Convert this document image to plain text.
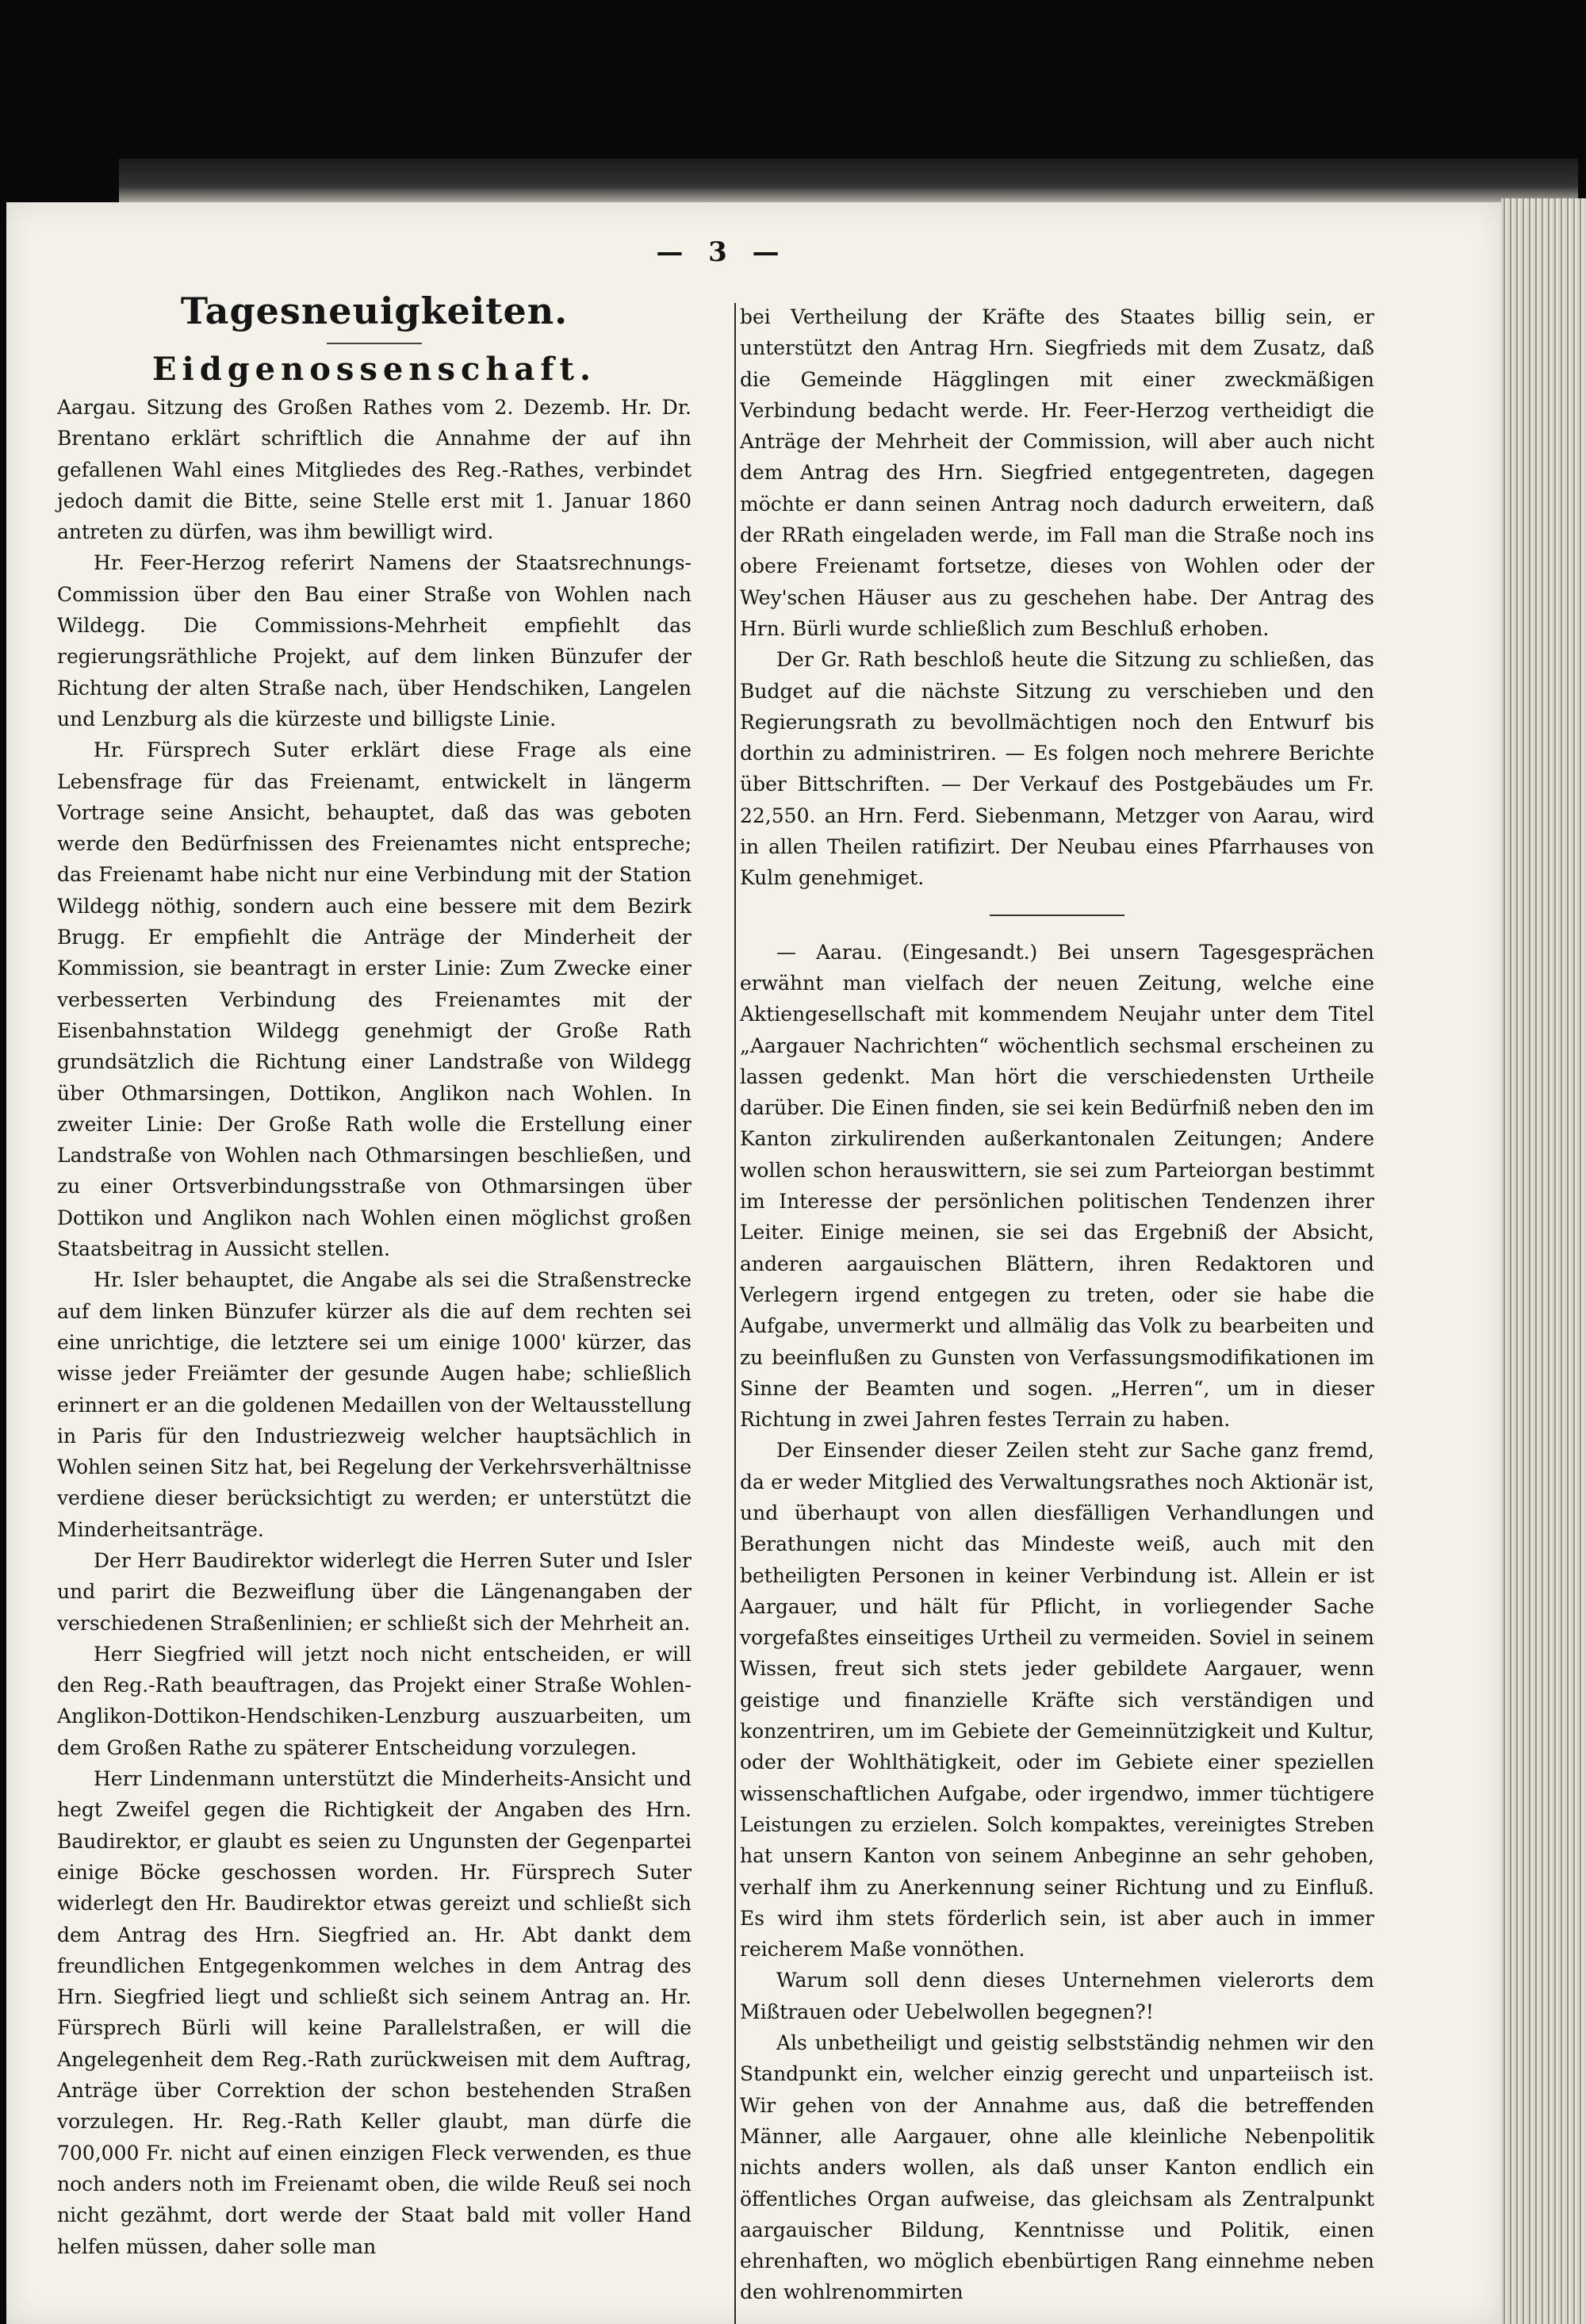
— 3 —
Tagesneuigkeiten.
Eidgenossenschaft.

Aargau. Sitzung des Großen Rathes vom 2. Dezemb. Hr. Dr. Brentano erklärt schriftlich die Annahme der auf ihn gefallenen Wahl eines Mitgliedes des Reg.-Rathes, verbindet jedoch damit die Bitte, seine Stelle erst mit 1. Januar 1860 antreten zu dürfen, was ihm bewilligt wird.

Hr. Feer-Herzog referirt Namens der Staatsrechnungs-Commission über den Bau einer Straße von Wohlen nach Wildegg. Die Commissions-Mehrheit empfiehlt das regierungsräthliche Projekt, auf dem linken Bünzufer der Richtung der alten Straße nach, über Hendschiken, Langelen und Lenzburg als die kürzeste und billigste Linie.

Hr. Fürsprech Suter erklärt diese Frage als eine Lebensfrage für das Freienamt, entwickelt in längerm Vortrage seine Ansicht, behauptet, daß das was geboten werde den Bedürfnissen des Freienamtes nicht entspreche; das Freienamt habe nicht nur eine Verbindung mit der Station Wildegg nöthig, sondern auch eine bessere mit dem Bezirk Brugg. Er empfiehlt die Anträge der Minderheit der Kommission, sie beantragt in erster Linie: Zum Zwecke einer verbesserten Verbindung des Freienamtes mit der Eisenbahnstation Wildegg genehmigt der Große Rath grundsätzlich die Richtung einer Landstraße von Wildegg über Othmarsingen, Dottikon, Anglikon nach Wohlen. In zweiter Linie: Der Große Rath wolle die Erstellung einer Landstraße von Wohlen nach Othmarsingen beschließen, und zu einer Ortsverbindungsstraße von Othmarsingen über Dottikon und Anglikon nach Wohlen einen möglichst großen Staatsbeitrag in Aussicht stellen.

Hr. Isler behauptet, die Angabe als sei die Straßenstrecke auf dem linken Bünzufer kürzer als die auf dem rechten sei eine unrichtige, die letztere sei um einige 1000' kürzer, das wisse jeder Freiämter der gesunde Augen habe; schließlich erinnert er an die goldenen Medaillen von der Weltausstellung in Paris für den Industriezweig welcher hauptsächlich in Wohlen seinen Sitz hat, bei Regelung der Verkehrsverhältnisse verdiene dieser berücksichtigt zu werden; er unterstützt die Minderheitsanträge.

Der Herr Baudirektor widerlegt die Herren Suter und Isler und parirt die Bezweiflung über die Längenangaben der verschiedenen Straßenlinien; er schließt sich der Mehrheit an.

Herr Siegfried will jetzt noch nicht entscheiden, er will den Reg.-Rath beauftragen, das Projekt einer Straße Wohlen-Anglikon-Dottikon-Hendschiken-Lenzburg auszuarbeiten, um dem Großen Rathe zu späterer Entscheidung vorzulegen.

Herr Lindenmann unterstützt die Minderheits-Ansicht und hegt Zweifel gegen die Richtigkeit der Angaben des Hrn. Baudirektor, er glaubt es seien zu Ungunsten der Gegenpartei einige Böcke geschossen worden. Hr. Fürsprech Suter widerlegt den Hr. Baudirektor etwas gereizt und schließt sich dem Antrag des Hrn. Siegfried an. Hr. Abt dankt dem freundlichen Entgegenkommen welches in dem Antrag des Hrn. Siegfried liegt und schließt sich seinem Antrag an. Hr. Fürsprech Bürli will keine Parallelstraßen, er will die Angelegenheit dem Reg.-Rath zurückweisen mit dem Auftrag, Anträge über Correktion der schon bestehenden Straßen vorzulegen. Hr. Reg.-Rath Keller glaubt, man dürfe die 700,000 Fr. nicht auf einen einzigen Fleck verwenden, es thue noch anders noth im Freienamt oben, die wilde Reuß sei noch nicht gezähmt, dort werde der Staat bald mit voller Hand helfen müssen, daher solle man

bei Vertheilung der Kräfte des Staates billig sein, er unterstützt den Antrag Hrn. Siegfrieds mit dem Zusatz, daß die Gemeinde Hägglingen mit einer zweckmäßigen Verbindung bedacht werde. Hr. Feer-Herzog vertheidigt die Anträge der Mehrheit der Commission, will aber auch nicht dem Antrag des Hrn. Siegfried entgegentreten, dagegen möchte er dann seinen Antrag noch dadurch erweitern, daß der RRath eingeladen werde, im Fall man die Straße noch ins obere Freienamt fortsetze, dieses von Wohlen oder der Wey'schen Häuser aus zu geschehen habe. Der Antrag des Hrn. Bürli wurde schließlich zum Beschluß erhoben.

Der Gr. Rath beschloß heute die Sitzung zu schließen, das Budget auf die nächste Sitzung zu verschieben und den Regierungsrath zu bevollmächtigen noch den Entwurf bis dorthin zu administriren. — Es folgen noch mehrere Berichte über Bittschriften. — Der Verkauf des Postgebäudes um Fr. 22,550. an Hrn. Ferd. Siebenmann, Metzger von Aarau, wird in allen Theilen ratifizirt. Der Neubau eines Pfarrhauses von Kulm genehmiget.

— Aarau. (Eingesandt.) Bei unsern Tagesgesprächen erwähnt man vielfach der neuen Zeitung, welche eine Aktiengesellschaft mit kommendem Neujahr unter dem Titel „Aargauer Nachrichten“ wöchentlich sechsmal erscheinen zu lassen gedenkt. Man hört die verschiedensten Urtheile darüber. Die Einen finden, sie sei kein Bedürfniß neben den im Kanton zirkulirenden außerkantonalen Zeitungen; Andere wollen schon herauswittern, sie sei zum Parteiorgan bestimmt im Interesse der persönlichen politischen Tendenzen ihrer Leiter. Einige meinen, sie sei das Ergebniß der Absicht, anderen aargauischen Blättern, ihren Redaktoren und Verlegern irgend entgegen zu treten, oder sie habe die Aufgabe, unvermerkt und allmälig das Volk zu bearbeiten und zu beeinflußen zu Gunsten von Verfassungsmodifikationen im Sinne der Beamten und sogen. „Herren“, um in dieser Richtung in zwei Jahren festes Terrain zu haben.

Der Einsender dieser Zeilen steht zur Sache ganz fremd, da er weder Mitglied des Verwaltungsrathes noch Aktionär ist, und überhaupt von allen diesfälligen Verhandlungen und Berathungen nicht das Mindeste weiß, auch mit den betheiligten Personen in keiner Verbindung ist. Allein er ist Aargauer, und hält für Pflicht, in vorliegender Sache vorgefaßtes einseitiges Urtheil zu vermeiden. Soviel in seinem Wissen, freut sich stets jeder gebildete Aargauer, wenn geistige und finanzielle Kräfte sich verständigen und konzentriren, um im Gebiete der Gemeinnützigkeit und Kultur, oder der Wohlthätigkeit, oder im Gebiete einer speziellen wissenschaftlichen Aufgabe, oder irgendwo, immer tüchtigere Leistungen zu erzielen. Solch kompaktes, vereinigtes Streben hat unsern Kanton von seinem Anbeginne an sehr gehoben, verhalf ihm zu Anerkennung seiner Richtung und zu Einfluß. Es wird ihm stets förderlich sein, ist aber auch in immer reicherem Maße vonnöthen.

Warum soll denn dieses Unternehmen vielerorts dem Mißtrauen oder Uebelwollen begegnen?!

Als unbetheiligt und geistig selbstständig nehmen wir den Standpunkt ein, welcher einzig gerecht und unparteiisch ist. Wir gehen von der Annahme aus, daß die betreffenden Männer, alle Aargauer, ohne alle kleinliche Nebenpolitik nichts anders wollen, als daß unser Kanton endlich ein öffentliches Organ aufweise, das gleichsam als Zentralpunkt aargauischer Bildung, Kenntnisse und Politik, einen ehrenhaften, wo möglich ebenbürtigen Rang einnehme neben den wohlrenommirten
